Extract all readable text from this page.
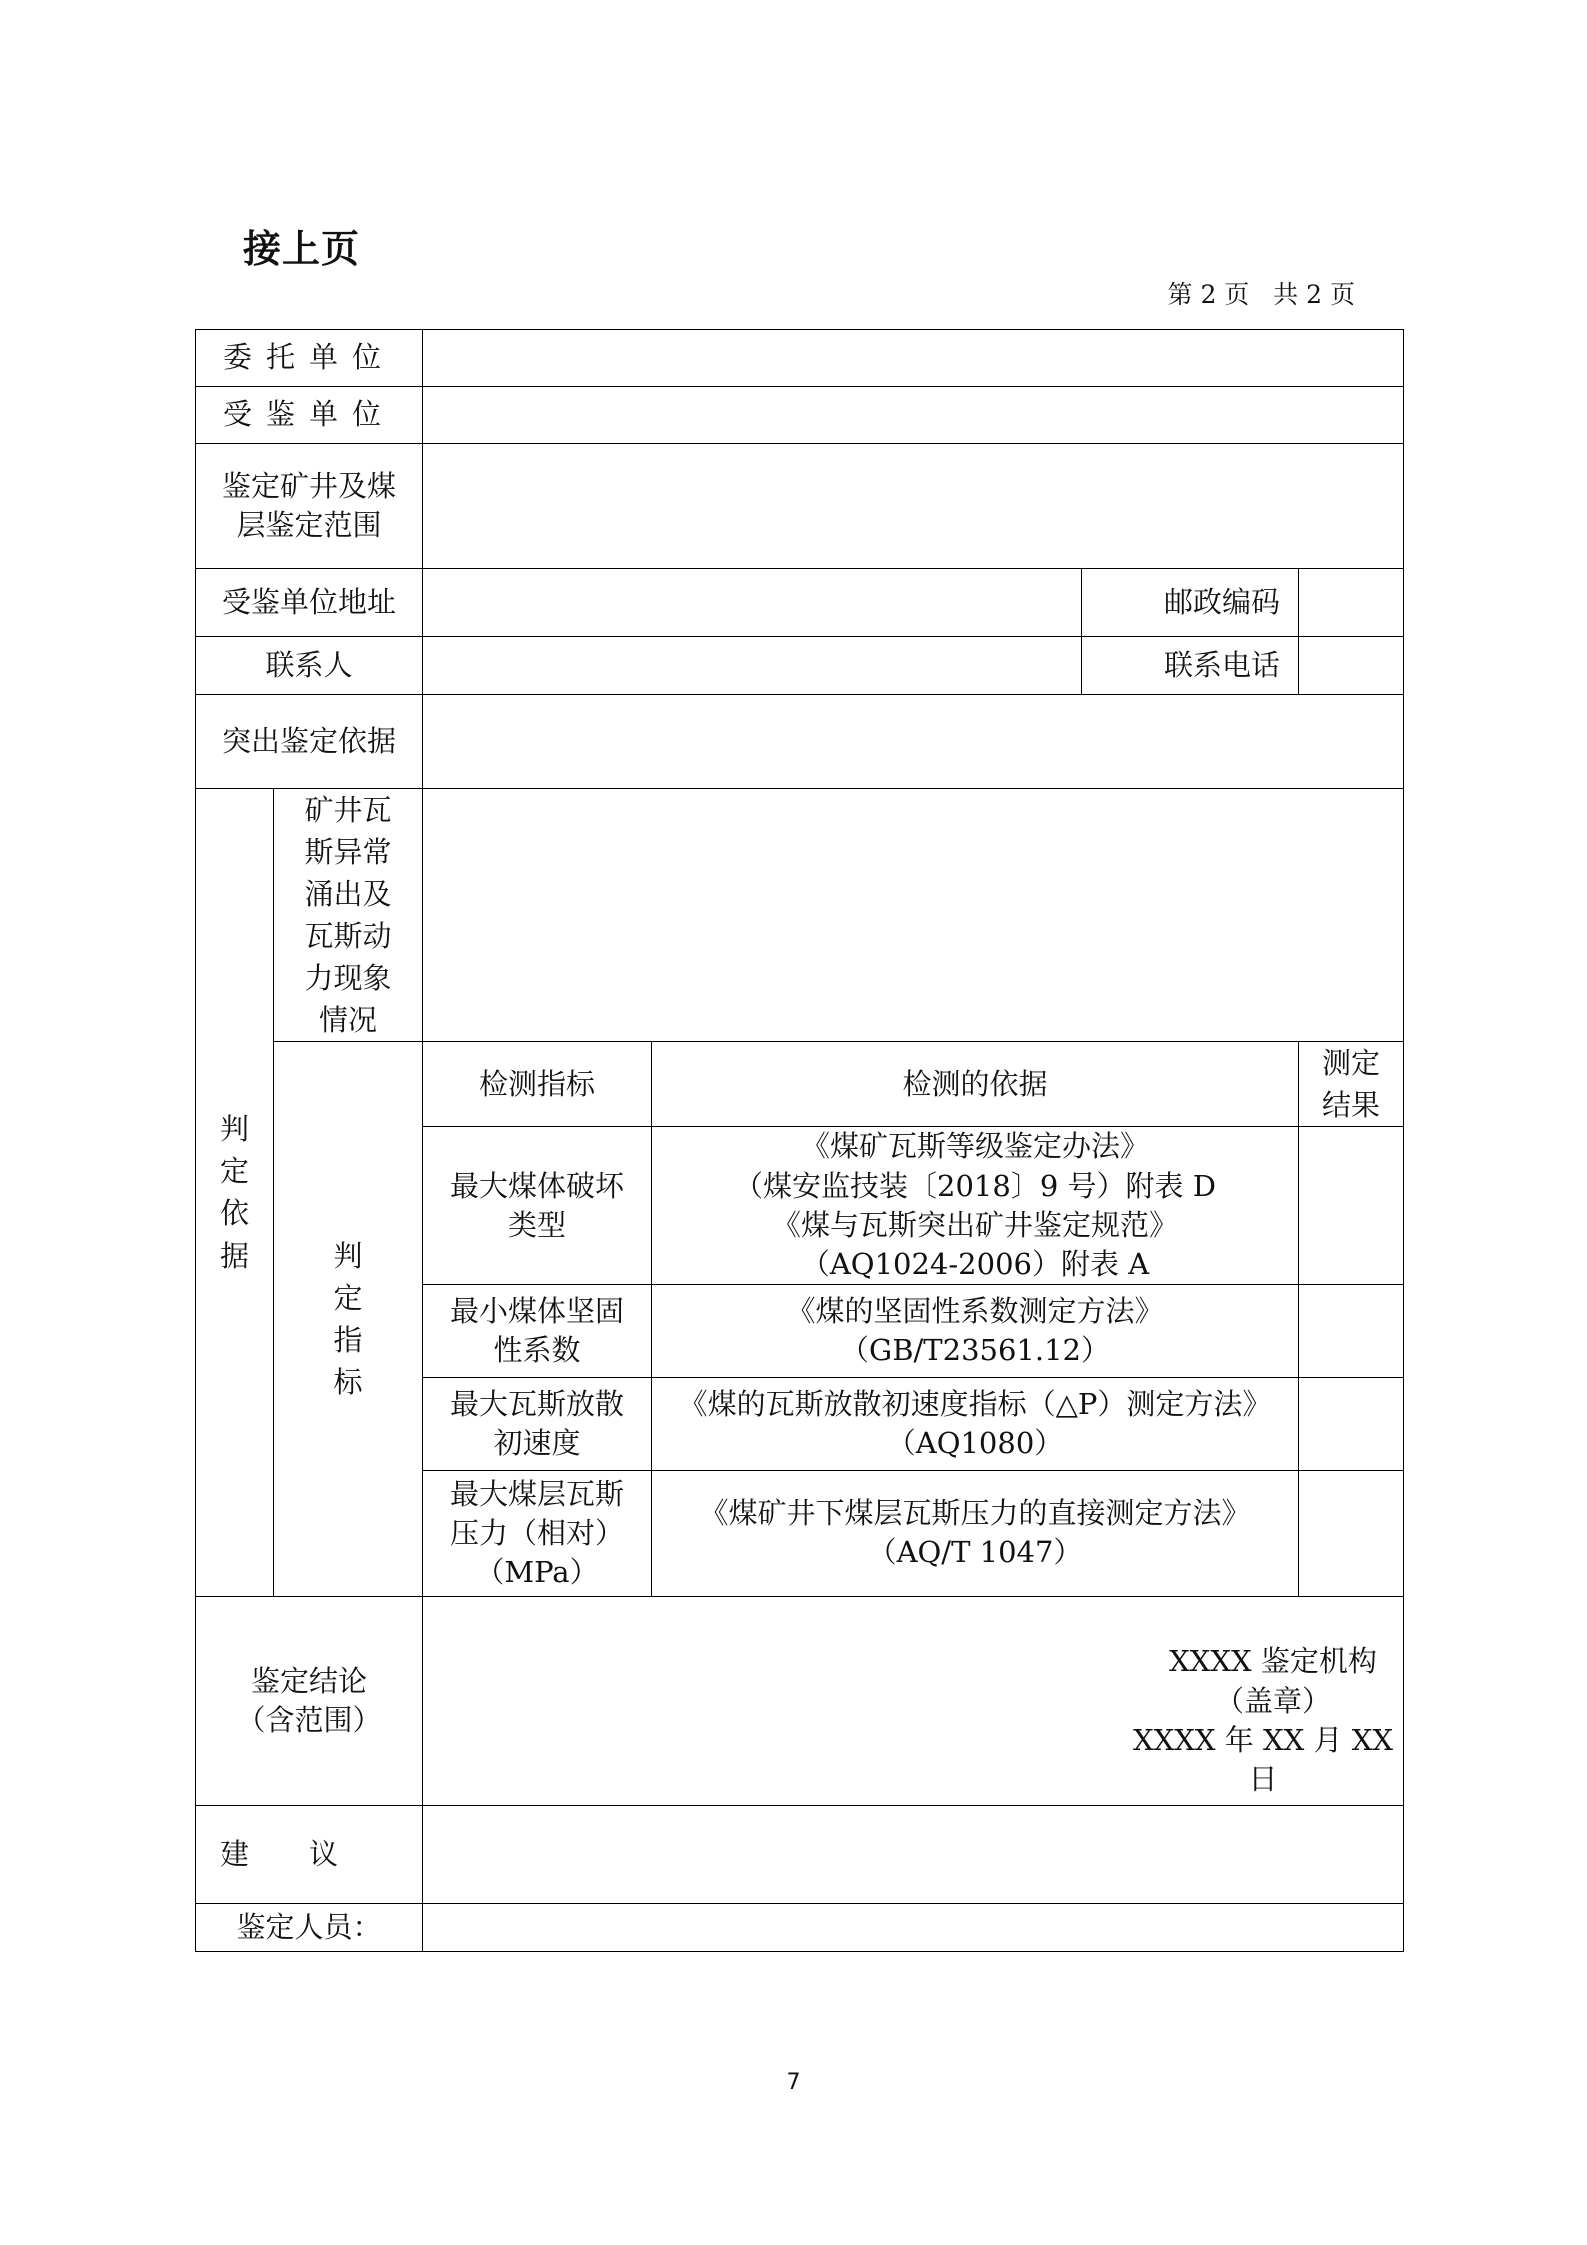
接上页
第 2 页   共 2 页
委托单位					
受鉴单位					

鉴定矿井及煤
层鉴定范围					

受鉴单位地址				邮政编码	
联系人				联系电话	
突出鉴定依据					
判定依据	矿井瓦斯异常涌出及瓦斯动力现象情况				
	判定指标	检测指标	检测的依据		测定结果

		最大煤体破坏
类型	《煤矿瓦斯等级鉴定办法》
（煤安监技装〔2018〕9 号）附表 D
《煤与瓦斯突出矿井鉴定规范》
（AQ1024-2006）附表 A		

		最小煤体坚固
性系数	《煤的坚固性系数测定方法》
（GB/T23561.12）		

		最大瓦斯放散
初速度	《煤的瓦斯放散初速度指标（△P）测定方法》
（AQ1080）		

		最大煤层瓦斯
压力（相对）
（MPa）	《煤矿井下煤层瓦斯压力的直接测定方法》
（AQ/T 1047）		

鉴定结论
（含范围）		XXXX 鉴定机构
（盖章）
XXXX 年 XX 月 XX 日			

建议					
鉴定人员：					
7
